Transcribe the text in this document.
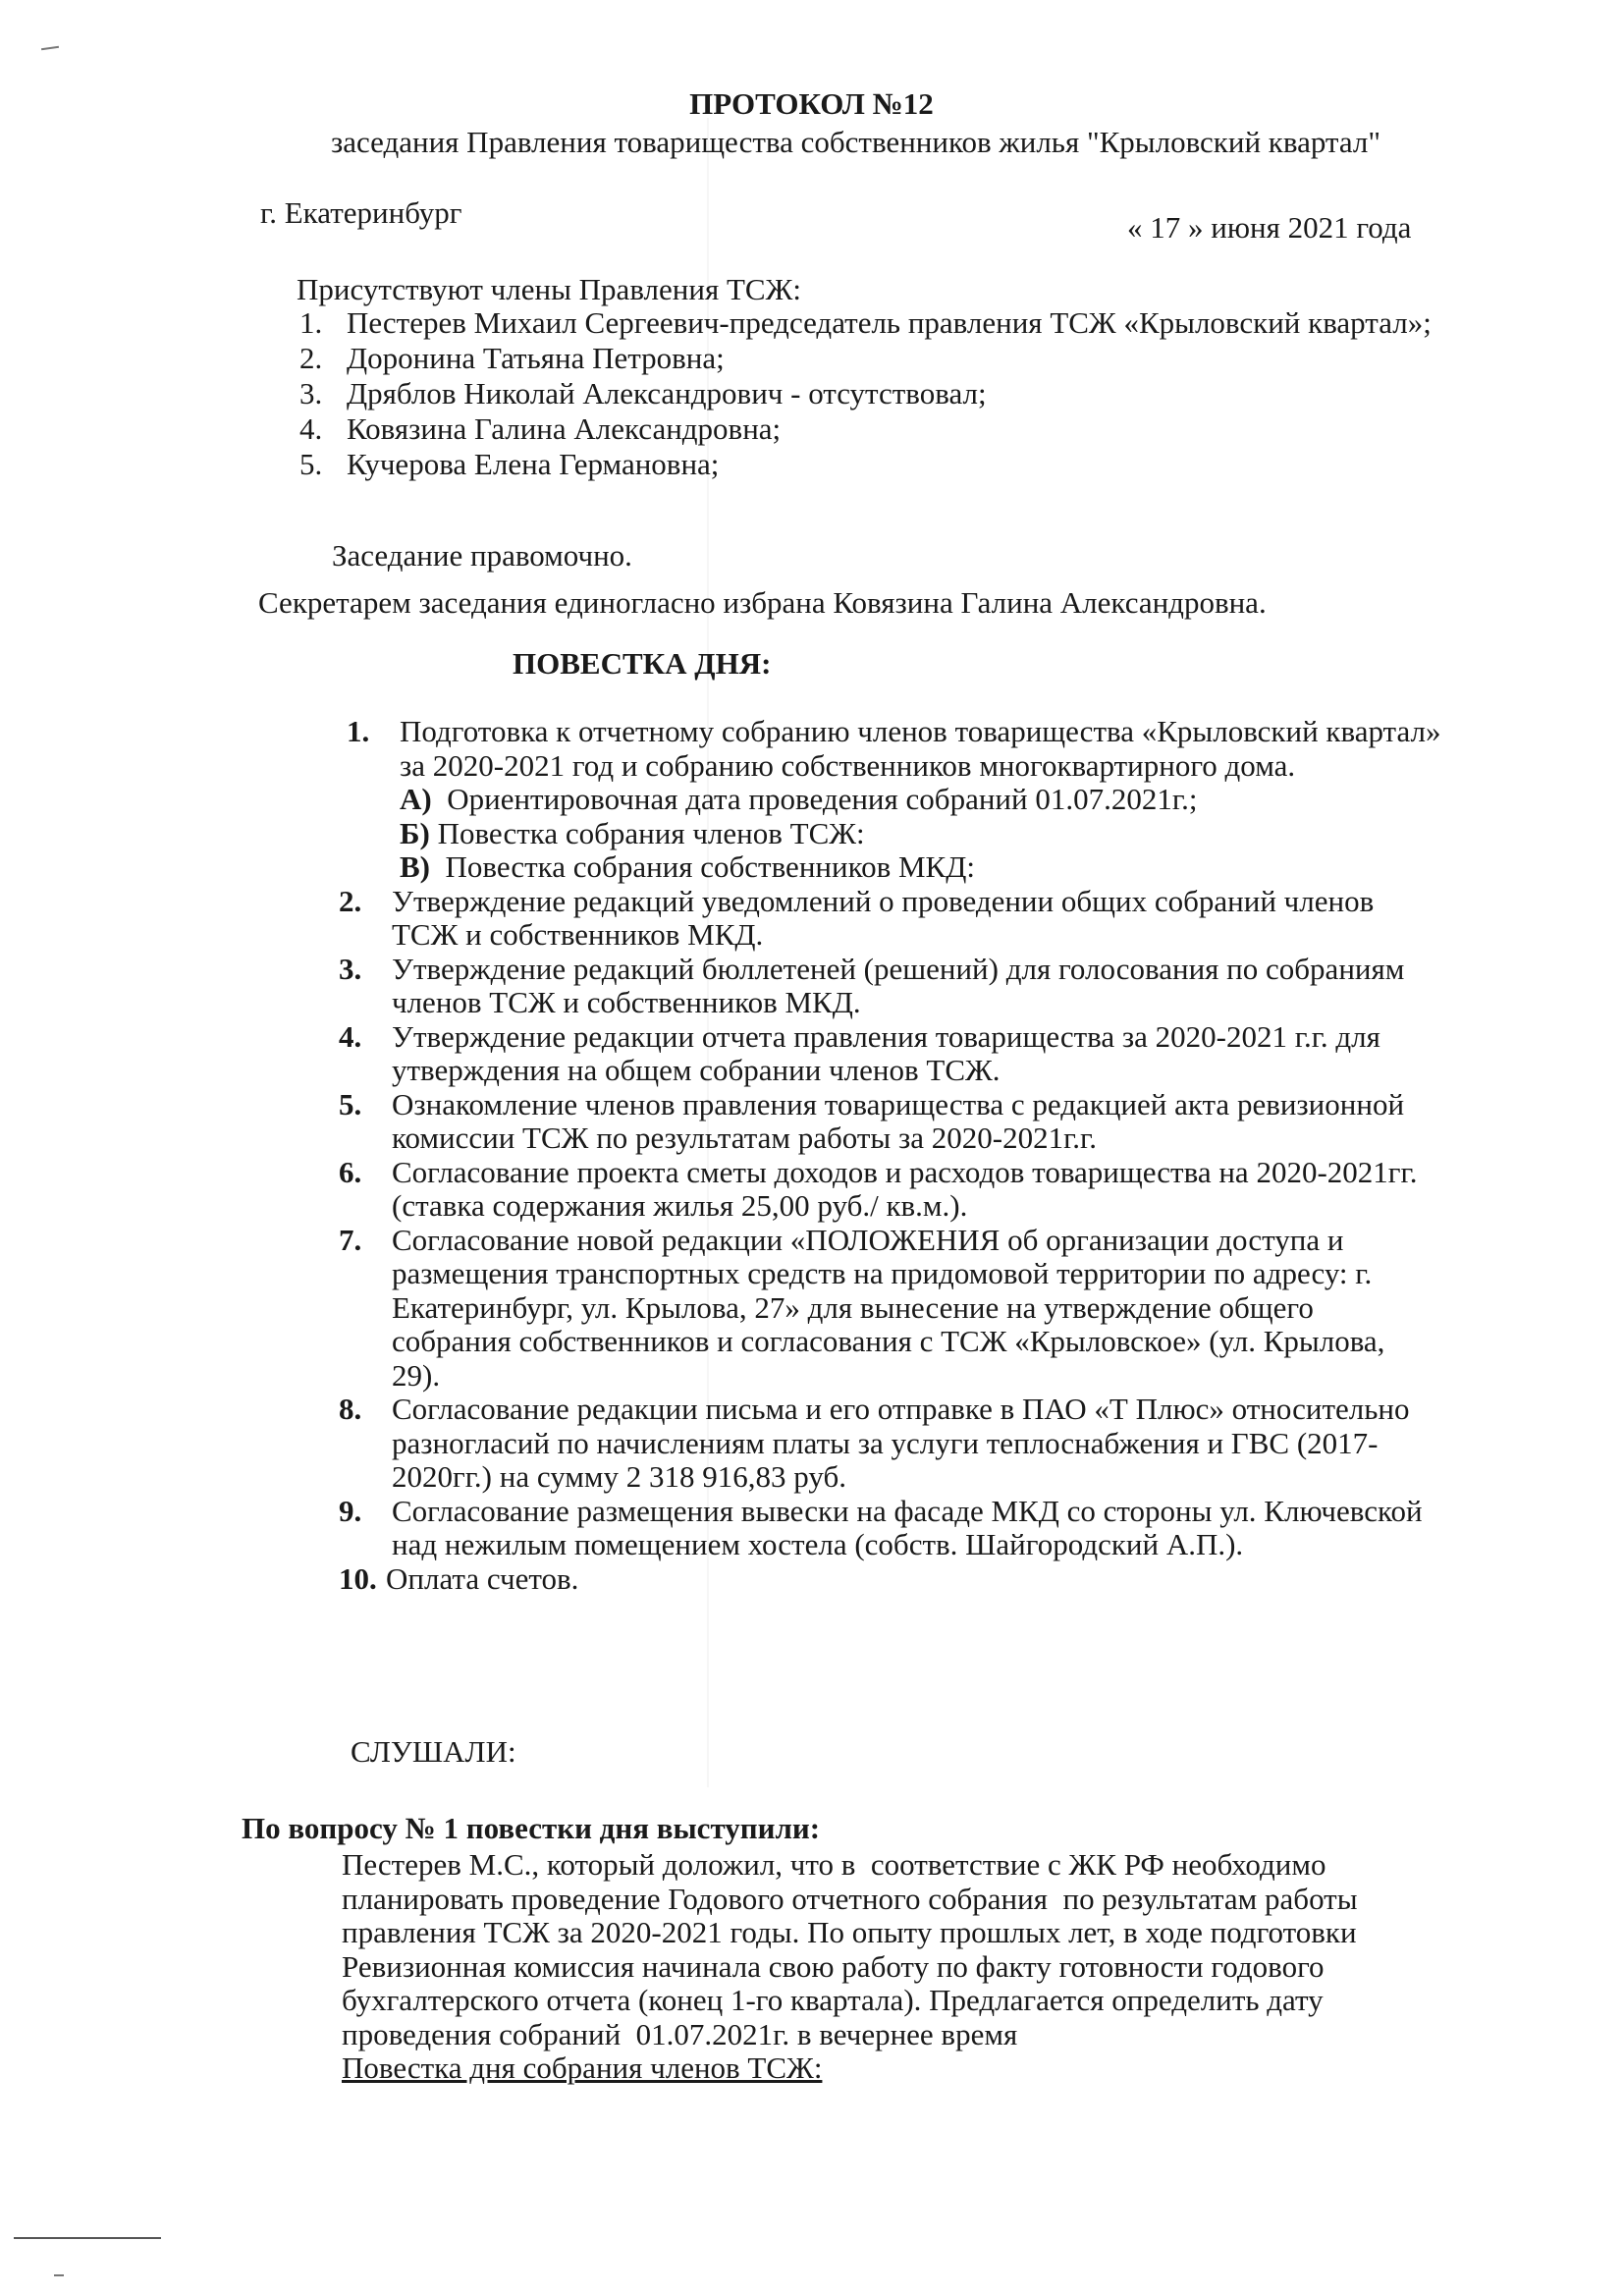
ПРОТОКОЛ №12
заседания Правления товарищества собственников жилья "Крыловский квартал"
г. Екатеринбург	« 17 » июня 2021 года
Присутствуют члены Правления ТСЖ:
1. Пестерев Михаил Сергеевич-председатель правления ТСЖ «Крыловский квартал»;
2. Доронина Татьяна Петровна;
3. Дряблов Николай Александрович - отсутствовал;
4. Ковязина Галина Александровна;
5. Кучерова Елена Германовна;
Заседание правомочно.
Секретарем заседания единогласно избрана Ковязина Галина Александровна.
ПОВЕСТКА ДНЯ:
1. Подготовка к отчетному собранию членов товарищества «Крыловский квартал»
за 2020-2021 год и собранию собственников многоквартирного дома.
А)  Ориентировочная дата проведения собраний 01.07.2021г.;
Б) Повестка собрания членов ТСЖ:
В)  Повестка собрания собственников МКД:
2. Утверждение редакций уведомлений о проведении общих собраний членов
ТСЖ и собственников МКД.
3. Утверждение редакций бюллетеней (решений) для голосования по собраниям
членов ТСЖ и собственников МКД.
4. Утверждение редакции отчета правления товарищества за 2020-2021 г.г. для
утверждения на общем собрании членов ТСЖ.
5. Ознакомление членов правления товарищества с редакцией акта ревизионной
комиссии ТСЖ по результатам работы за 2020-2021г.г.
6. Согласование проекта сметы доходов и расходов товарищества на 2020-2021гг.
(ставка содержания жилья 25,00 руб./ кв.м.).
7. Согласование новой редакции «ПОЛОЖЕНИЯ об организации доступа и
размещения транспортных средств на придомовой территории по адресу: г.
Екатеринбург, ул. Крылова, 27» для вынесение на утверждение общего
собрания собственников и согласования с ТСЖ «Крыловское» (ул. Крылова,
29).
8. Согласование редакции письма и его отправке в ПАО «Т Плюс» относительно
разногласий по начислениям платы за услуги теплоснабжения и ГВС (2017-
2020гг.) на сумму 2 318 916,83 руб.
9. Согласование размещения вывески на фасаде МКД со стороны ул. Ключевской
над нежилым помещением хостела (собств. Шайгородский А.П.).
10. Оплата счетов.
СЛУШАЛИ:
По вопросу № 1 повестки дня выступили:
Пестерев М.С., который доложил, что в  соответствие с ЖК РФ необходимо
планировать проведение Годового отчетного собрания  по результатам работы
правления ТСЖ за 2020-2021 годы. По опыту прошлых лет, в ходе подготовки
Ревизионная комиссия начинала свою работу по факту готовности годового
бухгалтерского отчета (конец 1-го квартала). Предлагается определить дату
проведения собраний  01.07.2021г. в вечернее время
Повестка дня собрания членов ТСЖ:
